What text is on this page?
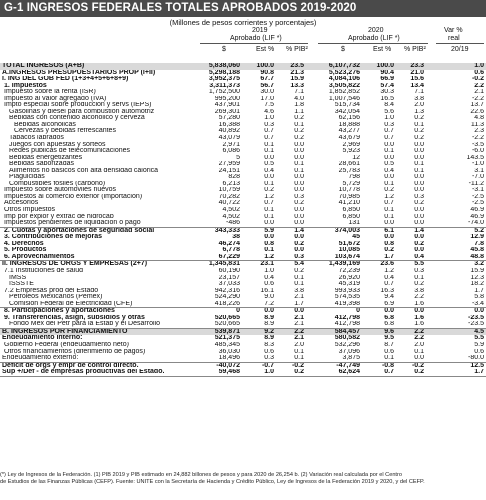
G-1 INGRESOS FEDERALES TOTALES APROBADOS 2019-2020
(Millones de pesos corrientes y porcentajes)
2019
Aprobado (LIF *)
2020
Aprobado (LIF *)
Var %
real
$	Est % % PIB²	$	Est % % PIB²	20/19
TOTAL INGRESOS (A+B)	5,838,060	100.0	23.5	6,107,732	100.0	23.3	1.0
A.INGRESOS PRESUPUESTARIOS PROP (I+II)	5,298,188	90.8	21.3	5,523,276	90.4	21.0	0.6
I. ING DEL GOB FED (1+3+4+5+6+8+9)	3,952,375	67.7	15.9	4,084,106	66.9	15.6	-0.2
1. Impuestos	3,311,373	56.7	13.3	3,505,822	57.4	13.4	2.2
Impuesto sobre la renta (ISR)	1,752,500	30.0	7.1	1,852,852	30.3	7.1	2.1
Impuesto al valor agregado (IVA)	995,200	17.0	4.0	1,007,546	16.5	3.8	-2.2
Impto especial sobre produccion y servs (IEPS)	437,901	7.5	1.8	515,734	8.4	2.0	13.7
Gasolinas y diesel para combustión automotriz	269,301	4.6	1.1	342,054	5.6	1.3	22.6
Bebidas con contenido alcohólico y cerveza	57,280	1.0	0.2	62,156	1.0	0.2	4.8
Bebidas alcohólicas	16,388	0.3	0.1	18,888	0.3	0.1	11.3
Cervezas y bebidas refrescantes	40,892	0.7	0.2	43,277	0.7	0.2	2.3
Tabacos labrados	43,079	0.7	0.2	43,679	0.7	0.2	-2.2
Juegos con apuestas y sorteos	2,971	0.1	0.0	2,969	0.0	0.0	-3.5
Redes públicas de telecomunicaciones	6,086	0.1	0.0	5,923	0.1	0.0	-6.0
Bebidas energetizantes	5	0.0	0.0	12	0.0	0.0	143.5
Bebidas saborizadas	27,959	0.5	0.1	28,661	0.5	0.1	-1.0
Alimentos no básicos con alta densidad calórica	24,151	0.4	0.1	25,783	0.4	0.1	3.1
Plaguicidas	828	0.0	0.0	798	0.0	0.0	-7.0
Combustibles fósiles (carbono)	6,213	0.1	0.0	5,729	0.1	0.0	-11.2
Impuesto sobre automóviles nuevos	10,759	0.2	0.0	10,778	0.2	0.0	-3.1
Impuestos al comercio exterior (importación)	70,282	1.2	0.3	70,985	1.2	0.3	-2.5
Accesorios	40,722	0.7	0.2	41,210	0.7	0.2	-2.5
Otros impuestos	4,502	0.1	0.0	6,850	0.1	0.0	46.9
Imp por explor y extrac de hidrocab	4,502	0.1	0.0	6,850	0.1	0.0	46.9
Impuestos pendientes de liquidación o pago	-486	0.0	0.0	131	0.0	0.0	-74.0
2. Cuotas y aportaciones de seguridad social	343,333	5.9	1.4	374,003	6.1	1.4	5.2
3. Contribuciones de mejoras	38	0.0	0.0	45	0.0	0.0	12.9
4. Derechos	46,274	0.8	0.2	51,672	0.8	0.2	7.8
5. Productos	6,778	0.1	0.0	10,085	0.2	0.0	45.8
6. Aprovechamientos	67,229	1.2	0.3	103,674	1.7	0.4	48.8
II. INGRESOS DE ORGS Y EMPRESAS (2+7)	1,345,831	23.1	5.4	1,439,169	23.6	5.5	3.2
7.1 Instituciones de salud	60,190	1.0	0.2	72,239	1.2	0.3	15.9
IMSS	23,157	0.4	0.1	26,920	0.4	0.1	12.3
ISSSTE	37,033	0.6	0.1	45,319	0.7	0.2	18.2
7.2 Empresas prod del Estado	942,316	16.1	3.8	993,933	16.3	3.8	1.7
Petróleos Mexicanos (Pemex)	524,290	9.0	2.1	574,535	9.4	2.2	5.8
Comisión Federal de Electricidad (CFE)	418,226	7.2	1.7	419,398	6.9	1.6	-3.4
8. Participaciones y aportaciones	0	0.0	0.0	0	0.0	0.0	0.0
9. Transferencias, asign, subsidios y otras	520,665	8.9	2.1	412,798	6.8	1.6	-23.5
Fondo Mex del Petr para la Estab y el Desarrollo	520,665	8.9	2.1	412,798	6.8	1.6	-23.5
B. INGRESOS POR FINANCIAMIENTO	539,871	9.2	2.2	584,457	9.6	2.2	4.5
Endeudamiento interno:	521,375	8.9	2.1	580,582	9.5	2.2	5.5
Gobierno Federal (endeudamiento neto)	485,345	8.3	2.0	532,296	8.7	2.0	5.9
Otros financiamientos (diferimiento de pagos)	36,030	0.6	0.1	37,096	0.6	0.1	0.6
Endeudamiento externo:	18,496	0.3	0.1	3,875	0.1	0.0	-80.0
Déficit de orgs y empr de control directo.	-40,072	-0.7	-0.2	-47,749	-0.8	-0.2	12.5
Sup +/Def - de empresas productivas del Estado.	59,468	1.0	0.2	62,624	0.7	0.2	1.7
(*) Ley de Ingresos de la Federación. (1) PIB 2019 y PIB estimado en 24,882 billones de pesos y para 2020 de 26,254 b. (2) Variación real calculada por el Centro
de Estudios de las Finanzas Públicas (CEFP). Fuente: UNITE con la Secretaría de Hacienda y Crédito Público, Ley de Ingresos de la Federación 2019 y 2020, y del CEFP.
